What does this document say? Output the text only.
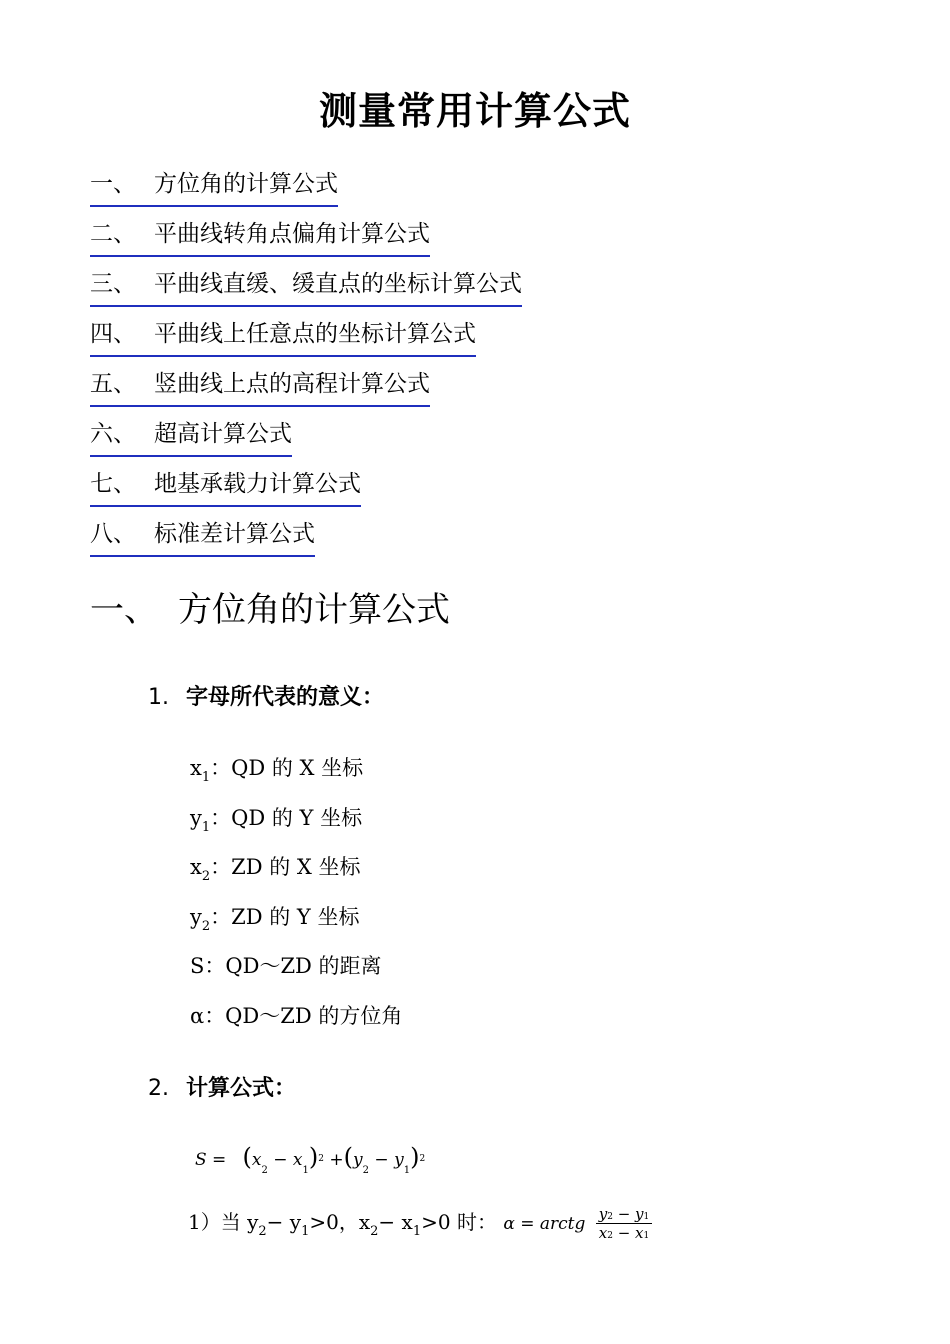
测量常用计算公式
一、 方位角的计算公式
二、 平曲线转角点偏角计算公式
三、 平曲线直缓、缓直点的坐标计算公式
四、 平曲线上任意点的坐标计算公式
五、 竖曲线上点的高程计算公式
六、 超高计算公式
七、 地基承载力计算公式
八、 标准差计算公式
一、 方位角的计算公式
1. 字母所代表的意义：
$x_1$：QD 的 X 坐标
$y_1$：QD 的 Y 坐标
$x_2$：ZD 的 X 坐标
$y_2$：ZD 的 Y 坐标
S：QD～ZD 的距离
α：QD～ZD 的方位角
2. 计算公式：
$S = (x_2 - x_1)^2 +(y_2 - y_1)^2$
1）当 $y_2- y_1>0$，$x_2- x_1>0$ 时： α = arctg $\frac{y2 - y1}{x2 - x1}$
